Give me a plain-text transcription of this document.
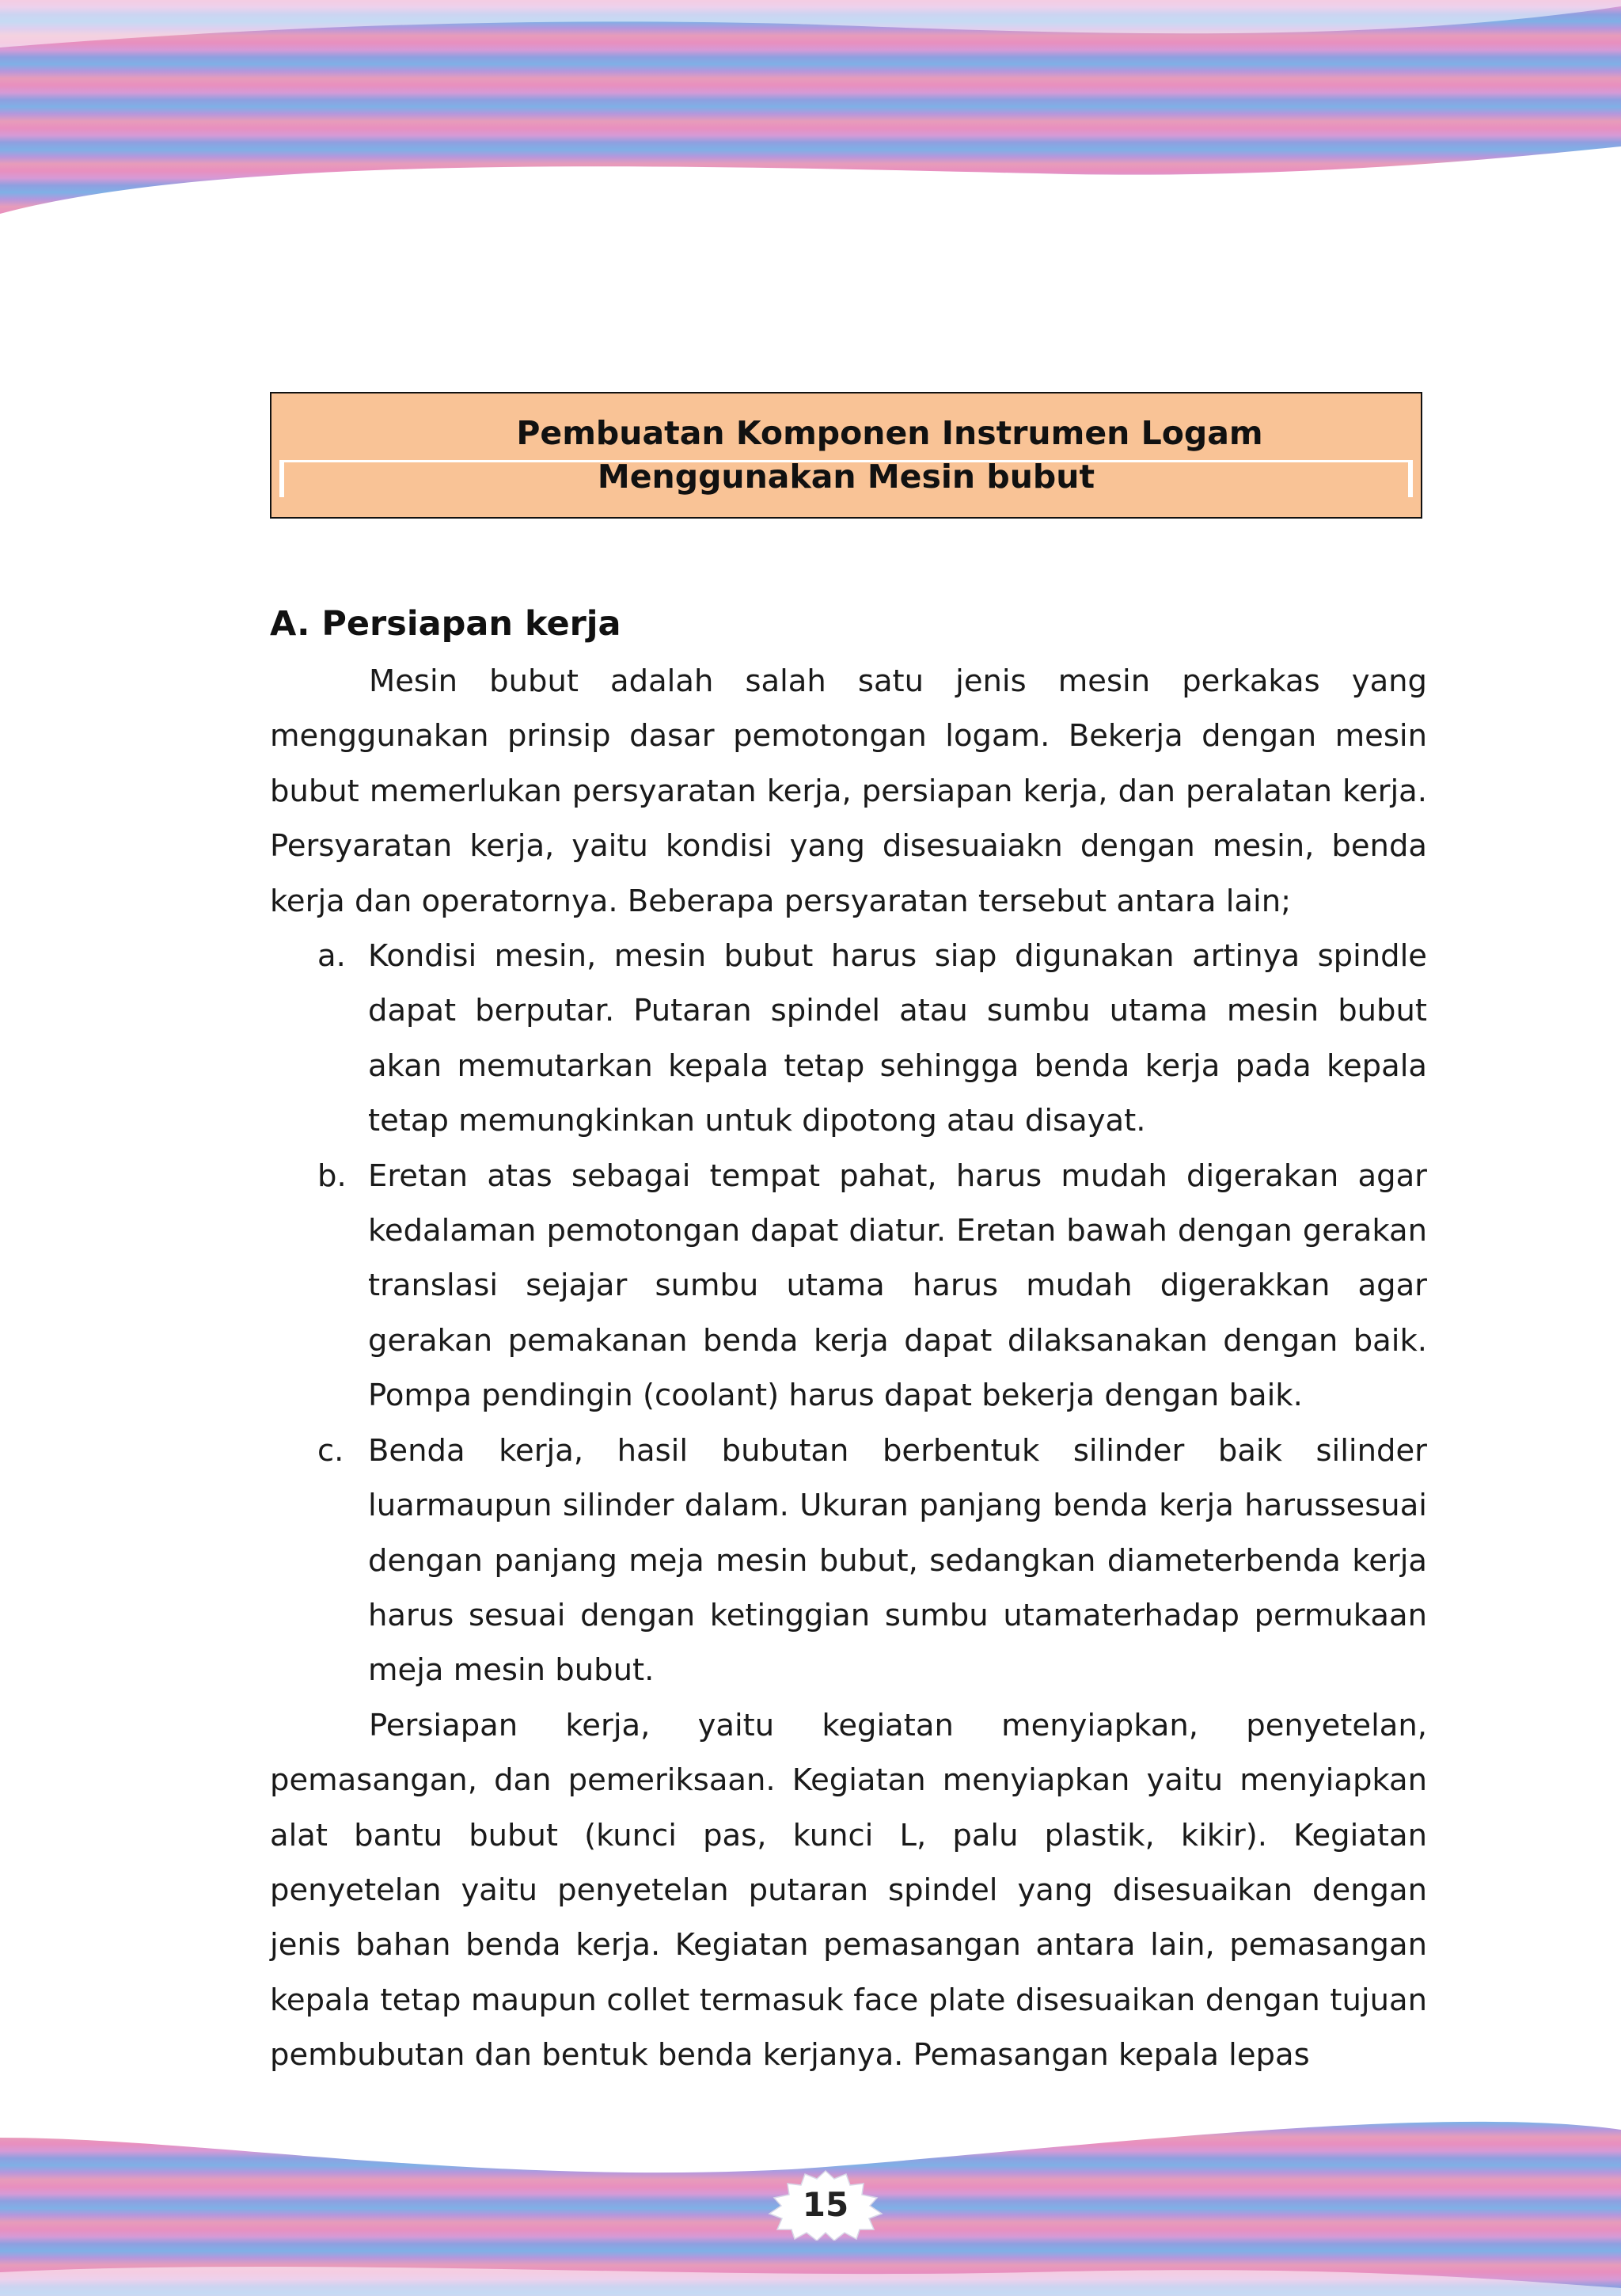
Pembuatan Komponen Instrumen Logam
Menggunakan Mesin bubut
A. Persiapan kerja

Mesin bubut adalah salah satu jenis mesin perkakas yang menggunakan prinsip dasar pemotongan logam. Bekerja dengan mesin bubut memerlukan persyaratan kerja, persiapan kerja, dan peralatan kerja. Persyaratan kerja, yaitu kondisi yang disesuaiakn dengan mesin, benda kerja dan operatornya. Beberapa persyaratan tersebut antara lain;

a. Kondisi mesin, mesin bubut harus siap digunakan artinya spindle dapat berputar. Putaran spindel atau sumbu utama mesin bubut akan memutarkan kepala tetap sehingga benda kerja pada kepala tetap memungkinkan untuk dipotong atau disayat.
b. Eretan atas sebagai tempat pahat, harus mudah digerakan agar kedalaman pemotongan dapat diatur. Eretan bawah dengan gerakan translasi sejajar sumbu utama harus mudah digerakkan agar gerakan pemakanan benda kerja dapat dilaksanakan dengan baik. Pompa pendingin (coolant) harus dapat bekerja dengan baik.
c. Benda kerja, hasil bubutan berbentuk silinder baik silinder luarmaupun silinder dalam. Ukuran panjang benda kerja harussesuai dengan panjang meja mesin bubut, sedangkan diameterbenda kerja harus sesuai dengan ketinggian sumbu utamaterhadap permukaan meja mesin bubut.

Persiapan kerja, yaitu kegiatan menyiapkan, penyetelan, pemasangan, dan pemeriksaan. Kegiatan menyiapkan yaitu menyiapkan alat bantu bubut (kunci pas, kunci L, palu plastik, kikir). Kegiatan penyetelan yaitu penyetelan putaran spindel yang disesuaikan dengan jenis bahan benda kerja. Kegiatan pemasangan antara lain, pemasangan kepala tetap maupun collet termasuk face plate disesuaikan dengan tujuan pembubutan dan bentuk benda kerjanya. Pemasangan kepala lepas

15
